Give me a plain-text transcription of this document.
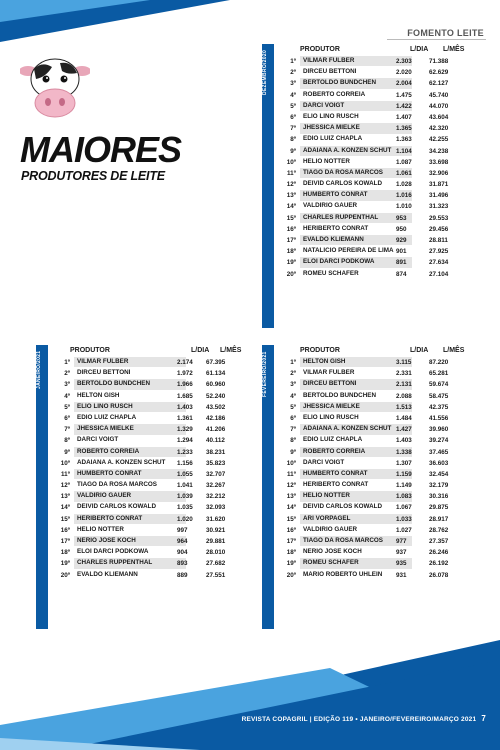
FOMENTO LEITE
MAIORES
PRODUTORES DE LEITE
DEZEMBRO/2020
PRODUTOR	L/DIA L/MÊS
1º	VILMAR FULBER	2.303	71.388
2º	DIRCEU BETTONI	2.020	62.629
3º	BERTOLDO BUNDCHEN	2.004	62.127
4º	ROBERTO CORREIA	1.475	45.740
5º	DARCI VOIGT	1.422	44.070
6º	ELIO LINO RUSCH	1.407	43.604
7º	JHESSICA MIELKE	1.365	42.320
8º	EDIO LUIZ CHAPLA	1.363	42.255
9º	ADAIANA A. KONZEN SCHUT 1.104	34.238
10º	HELIO NOTTER	1.087	33.698
11º	TIAGO DA ROSA MARCOS	1.061	32.906
12º	DEIVID CARLOS KOWALD	1.028	31.871
13º	HUMBERTO CONRAT	1.016	31.496
14º	VALDIRIO GAUER	1.010	31.323
15º	CHARLES RUPPENTHAL	953	29.553
16º	HERIBERTO CONRAT	950	29.456
17º	EVALDO KLIEMANN	929	28.811
18º	NATALICIO PEREIRA DE LIMA 901	27.925
19º	ELOI DARCI PODKOWA	891	27.634
20º	ROMEU SCHAFER	874	27.104
JANEIRO/2021
PRODUTOR	L/DIA L/MÊS
1º	VILMAR FULBER	2.174 67.395
2º	DIRCEU BETTONI	1.972 61.134
3º	BERTOLDO BUNDCHEN	1.966 60.960
4º	HELTON GISH	1.685 52.240
5º	ELIO LINO RUSCH	1.403 43.502
6º	EDIO LUIZ CHAPLA	1.361 42.186
7º	JHESSICA MIELKE	1.329 41.206
8º	DARCI VOIGT	1.294 40.112
9º	ROBERTO CORREIA	1.233 38.231
10º	ADAIANA A. KONZEN SCHUT	1.156 35.823
11º	HUMBERTO CONRAT	1.055 32.707
12º	TIAGO DA ROSA MARCOS	1.041 32.267
13º	VALDIRIO GAUER	1.039 32.212
14º	DEIVID CARLOS KOWALD	1.035 32.093
15º	HERIBERTO CONRAT	1.020 31.620
16º	HELIO NOTTER	997	30.921
17º	NERIO JOSE KOCH	964	29.881
18º	ELOI DARCI PODKOWA	904	28.010
19º	CHARLES RUPPENTHAL	893	27.682
20º	EVALDO KLIEMANN	889	27.551
FEVEREIRO/2021
PRODUTOR	L/DIA L/MÊS
1º	HELTON GISH	3.115	87.220
2º	VILMAR FULBER	2.331	65.281
3º	DIRCEU BETTONI	2.131	59.674
4º	BERTOLDO BUNDCHEN	2.088	58.475
5º	JHESSICA MIELKE	1.513	42.375
6º	ELIO LINO RUSCH	1.484	41.556
7º	ADAIANA A. KONZEN SCHUT 1.427	39.960
8º	EDIO LUIZ CHAPLA	1.403	39.274
9º	ROBERTO CORREIA	1.338	37.465
10º	DARCI VOIGT	1.307	36.603
11º	HUMBERTO CONRAT	1.159	32.454
12º	HERIBERTO CONRAT	1.149	32.179
13º	HELIO NOTTER	1.083	30.316
14º	DEIVID CARLOS KOWALD	1.067	29.875
15º	ARI VORPAGEL	1.033	28.917
16º	VALDIRIO GAUER	1.027	28.762
17º	TIAGO DA ROSA MARCOS	977	27.357
18º	NERIO JOSE KOCH	937	26.246
19º	ROMEU SCHAFER	935	26.192
20º	MARIO ROBERTO UHLEIN	931	26.078
REVISTA COPAGRIL | EDIÇÃO 119 • JANEIRO/FEVEREIRO/MARÇO 2021 7
